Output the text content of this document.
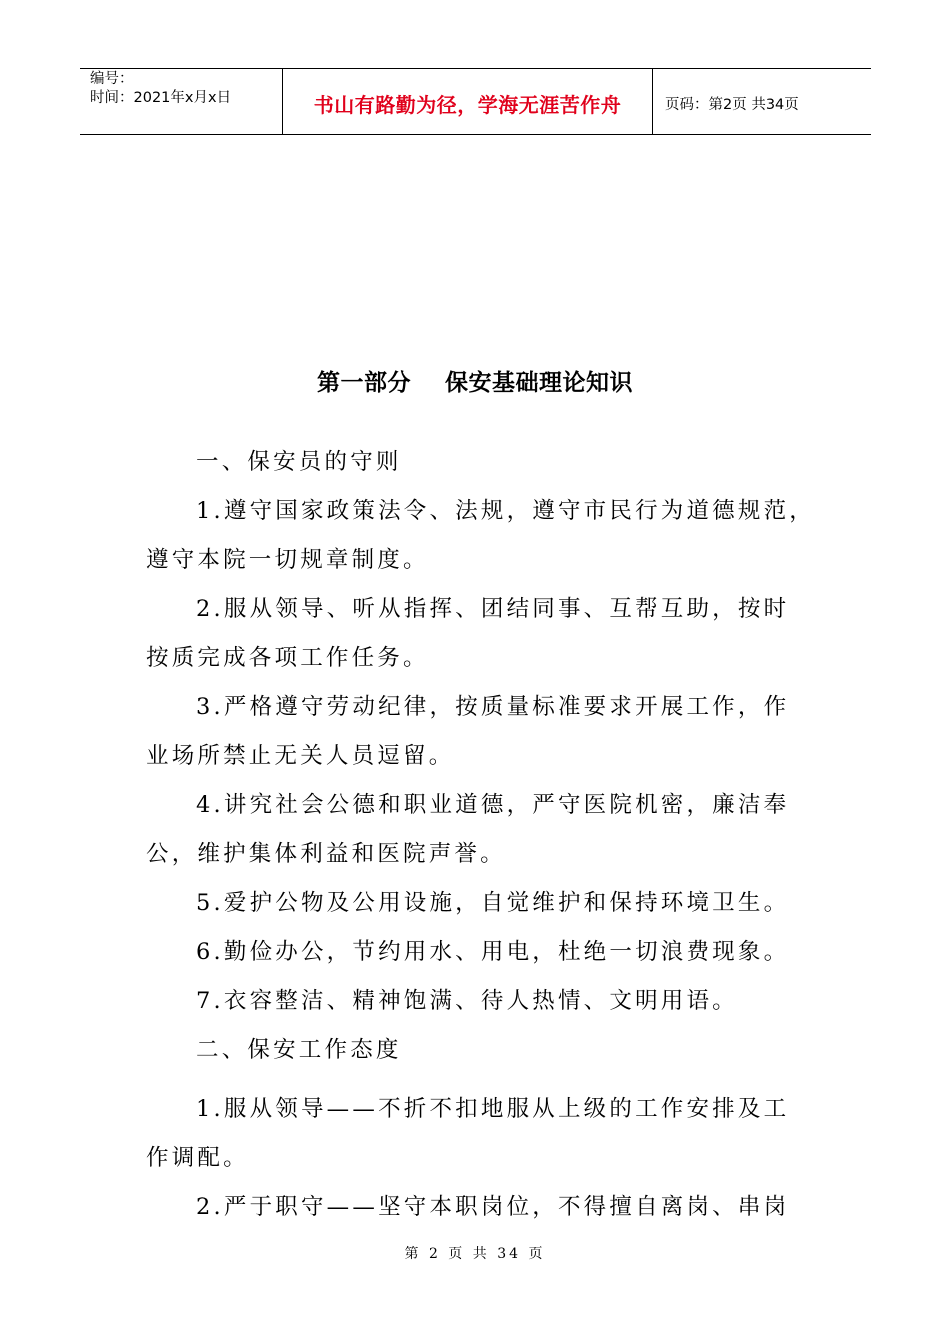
编号：
时间：2021年x月x日	书山有路勤为径，学海无涯苦作舟	页码：第2页 共34页
第一部分    保安基础理论知识
一、保安员的守则
1.遵守国家政策法令、法规，遵守市民行为道德规范，
遵守本院一切规章制度。
2.服从领导、听从指挥、团结同事、互帮互助，按时
按质完成各项工作任务。
3.严格遵守劳动纪律，按质量标准要求开展工作，作
业场所禁止无关人员逗留。
4.讲究社会公德和职业道德，严守医院机密，廉洁奉
公，维护集体利益和医院声誉。
5.爱护公物及公用设施，自觉维护和保持环境卫生。
6.勤俭办公，节约用水、用电，杜绝一切浪费现象。
7.衣容整洁、精神饱满、待人热情、文明用语。
二、保安工作态度
1.服从领导——不折不扣地服从上级的工作安排及工
作调配。
2.严于职守——坚守本职岗位，不得擅自离岗、串岗
第 2 页 共 34 页
